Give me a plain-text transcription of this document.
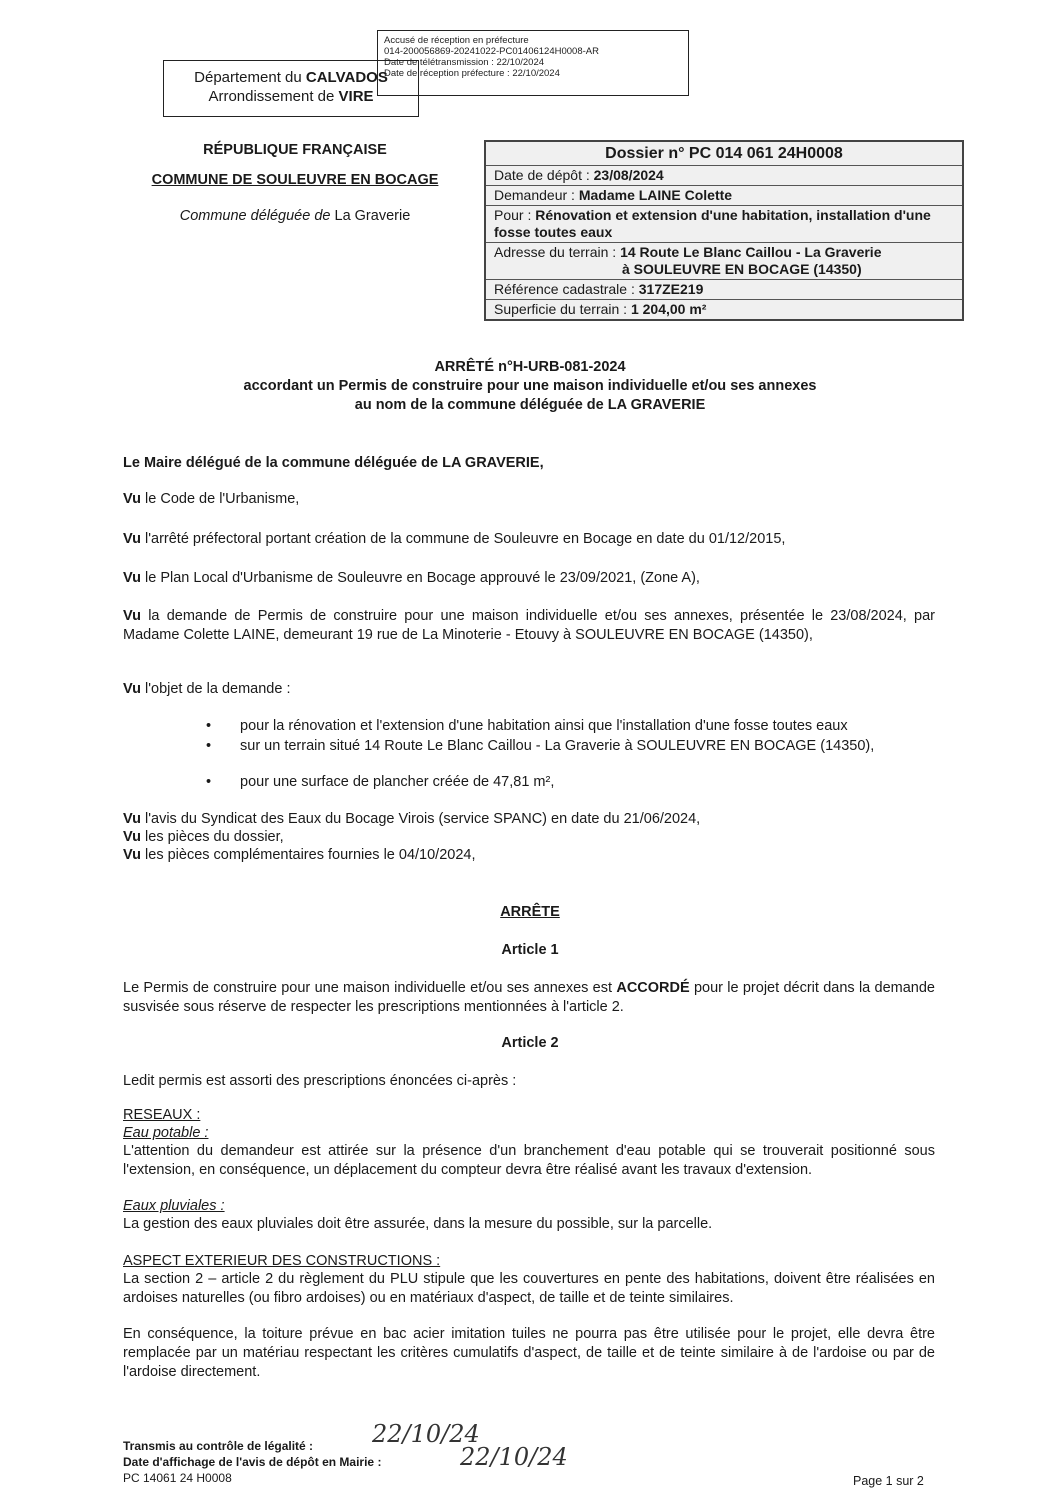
Accusé de réception en préfecture
014-200056869-20241022-PC01406124H0008-AR
Date de télétransmission : 22/10/2024
Date de réception préfecture : 22/10/2024
Département du CALVADOS
Arrondissement de VIRE
RÉPUBLIQUE FRANÇAISE
COMMUNE DE SOULEUVRE EN BOCAGE
Commune déléguée de La Graverie
Dossier n° PC 014 061 24H0008
Date de dépôt : 23/08/2024
Demandeur : Madame LAINE Colette
Pour : Rénovation et extension d'une habitation, installation d'une fosse toutes eaux
Adresse du terrain : 14 Route Le Blanc Caillou - La Graverie
à SOULEUVRE EN BOCAGE (14350)
Référence cadastrale : 317ZE219
Superficie du terrain : 1 204,00 m²
ARRÊTÉ n°H-URB-081-2024
accordant un Permis de construire pour une maison individuelle et/ou ses annexes
au nom de la commune déléguée de LA GRAVERIE
Le Maire délégué de la commune déléguée de LA GRAVERIE,
Vu le Code de l'Urbanisme,
Vu l'arrêté préfectoral portant création de la commune de Souleuvre en Bocage en date du 01/12/2015,
Vu le Plan Local d'Urbanisme de Souleuvre en Bocage approuvé le 23/09/2021, (Zone A),
Vu la demande de Permis de construire pour une maison individuelle et/ou ses annexes, présentée le 23/08/2024, par Madame Colette LAINE, demeurant 19 rue de La Minoterie - Etouvy à SOULEUVRE EN BOCAGE (14350),
Vu l'objet de la demande :
• pour la rénovation et l'extension d'une habitation ainsi que l'installation d'une fosse toutes eaux
• sur un terrain situé 14 Route Le Blanc Caillou - La Graverie à SOULEUVRE EN BOCAGE (14350),
• pour une surface de plancher créée de 47,81 m²,
Vu l'avis du Syndicat des Eaux du Bocage Virois (service SPANC) en date du 21/06/2024,
Vu les pièces du dossier,
Vu les pièces complémentaires fournies le 04/10/2024,
ARRÊTE
Article 1
Le Permis de construire pour une maison individuelle et/ou ses annexes est ACCORDÉ pour le projet décrit dans la demande susvisée sous réserve de respecter les prescriptions mentionnées à l'article 2.
Article 2
Ledit permis est assorti des prescriptions énoncées ci-après :
RESEAUX :
Eau potable :
L'attention du demandeur est attirée sur la présence d'un branchement d'eau potable qui se trouverait positionné sous l'extension, en conséquence, un déplacement du compteur devra être réalisé avant les travaux d'extension.
Eaux pluviales :
La gestion des eaux pluviales doit être assurée, dans la mesure du possible, sur la parcelle.
ASPECT EXTERIEUR DES CONSTRUCTIONS :
La section 2 – article 2 du règlement du PLU stipule que les couvertures en pente des habitations, doivent être réalisées en ardoises naturelles (ou fibro ardoises) ou en matériaux d'aspect, de taille et de teinte similaires.
En conséquence, la toiture prévue en bac acier imitation tuiles ne pourra pas être utilisée pour le projet, elle devra être remplacée par un matériau respectant les critères cumulatifs d'aspect, de taille et de teinte similaire à de l'ardoise ou par de l'ardoise directement.
Transmis au contrôle de légalité :
Date d'affichage de l'avis de dépôt en Mairie :
PC 14061 24 H0008
22/10/24
22/10/24
Page 1 sur 2
